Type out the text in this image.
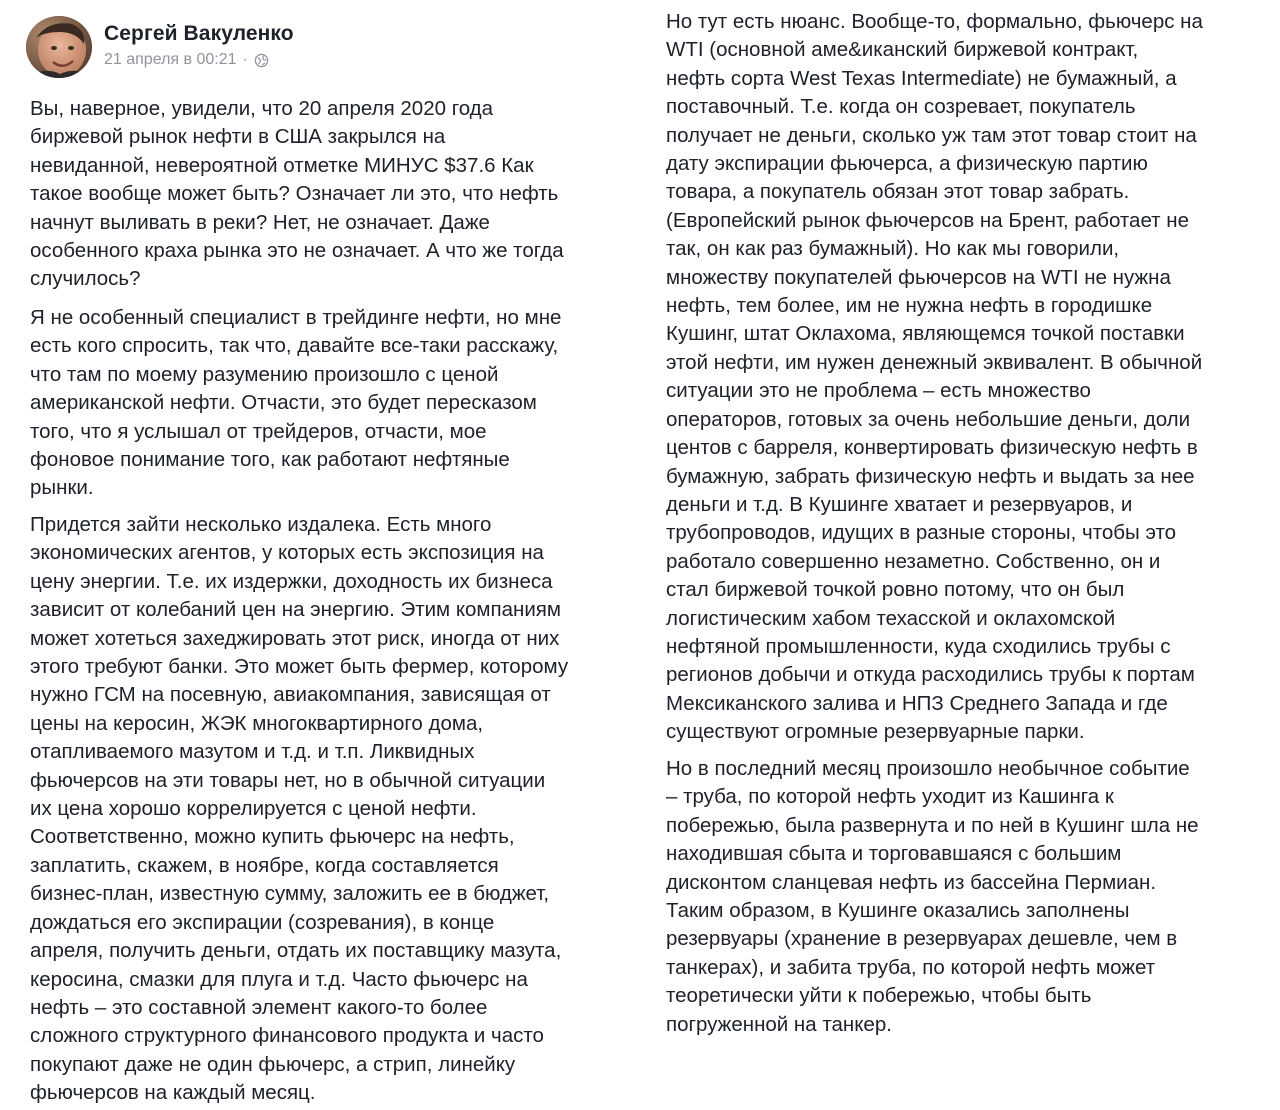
Сергей Вакуленко
21 апреля в 00:21 ·
Вы, наверное, увидели, что 20 апреля 2020 года
биржевой рынок нефти в США закрылся на
невиданной, невероятной отметке МИНУС $37.6 Как
такое вообще может быть? Означает ли это, что нефть
начнут выливать в реки? Нет, не означает. Даже
особенного краха рынка это не означает. А что же тогда
случилось?
Я не особенный специалист в трейдинге нефти, но мне
есть кого спросить, так что, давайте все-таки расскажу,
что там по моему разумению произошло с ценой
американской нефти. Отчасти, это будет пересказом
того, что я услышал от трейдеров, отчасти, мое
фоновое понимание того, как работают нефтяные
рынки.
Придется зайти несколько издалека. Есть много
экономических агентов, у которых есть экспозиция на
цену энергии. Т.е. их издержки, доходность их бизнеса
зависит от колебаний цен на энергию. Этим компаниям
может хотеться захеджировать этот риск, иногда от них
этого требуют банки. Это может быть фермер, которому
нужно ГСМ на посевную, авиакомпания, зависящая от
цены на керосин, ЖЭК многоквартирного дома,
отапливаемого мазутом и т.д. и т.п. Ликвидных
фьючерсов на эти товары нет, но в обычной ситуации
их цена хорошо коррелируется с ценой нефти.
Соответственно, можно купить фьючерс на нефть,
заплатить, скажем, в ноябре, когда составляется
бизнес-план, известную сумму, заложить ее в бюджет,
дождаться его экспирации (созревания), в конце
апреля, получить деньги, отдать их поставщику мазута,
керосина, смазки для плуга и т.д. Часто фьючерс на
нефть – это составной элемент какого-то более
сложного структурного финансового продукта и часто
покупают даже не один фьючерс, а стрип, линейку
фьючерсов на каждый месяц.
Но тут есть нюанс. Вообще-то, формально, фьючерс на
WTI (основной аме&иканский биржевой контракт,
нефть сорта West Texas Intermediate) не бумажный, а
поставочный. Т.е. когда он созревает, покупатель
получает не деньги, сколько уж там этот товар стоит на
дату экспирации фьючерса, а физическую партию
товара, а покупатель обязан этот товар забрать.
(Европейский рынок фьючерсов на Брент, работает не
так, он как раз бумажный). Но как мы говорили,
множеству покупателей фьючерсов на WTI не нужна
нефть, тем более, им не нужна нефть в городишке
Кушинг, штат Оклахома, являющемся точкой поставки
этой нефти, им нужен денежный эквивалент. В обычной
ситуации это не проблема – есть множество
операторов, готовых за очень небольшие деньги, доли
центов с барреля, конвертировать физическую нефть в
бумажную, забрать физическую нефть и выдать за нее
деньги и т.д. В Кушинге хватает и резервуаров, и
трубопроводов, идущих в разные стороны, чтобы это
работало совершенно незаметно. Собственно, он и
стал биржевой точкой ровно потому, что он был
логистическим хабом техасской и оклахомской
нефтяной промышленности, куда сходились трубы с
регионов добычи и откуда расходились трубы к портам
Мексиканского залива и НПЗ Среднего Запада и где
существуют огромные резервуарные парки.
Но в последний месяц произошло необычное событие
– труба, по которой нефть уходит из Кашинга к
побережью, была развернута и по ней в Кушинг шла не
находившая сбыта и торговавшаяся с большим
дисконтом сланцевая нефть из бассейна Пермиан.
Таким образом, в Кушинге оказались заполнены
резервуары (хранение в резервуарах дешевле, чем в
танкерах), и забита труба, по которой нефть может
теоретически уйти к побережью, чтобы быть
погруженной на танкер.
